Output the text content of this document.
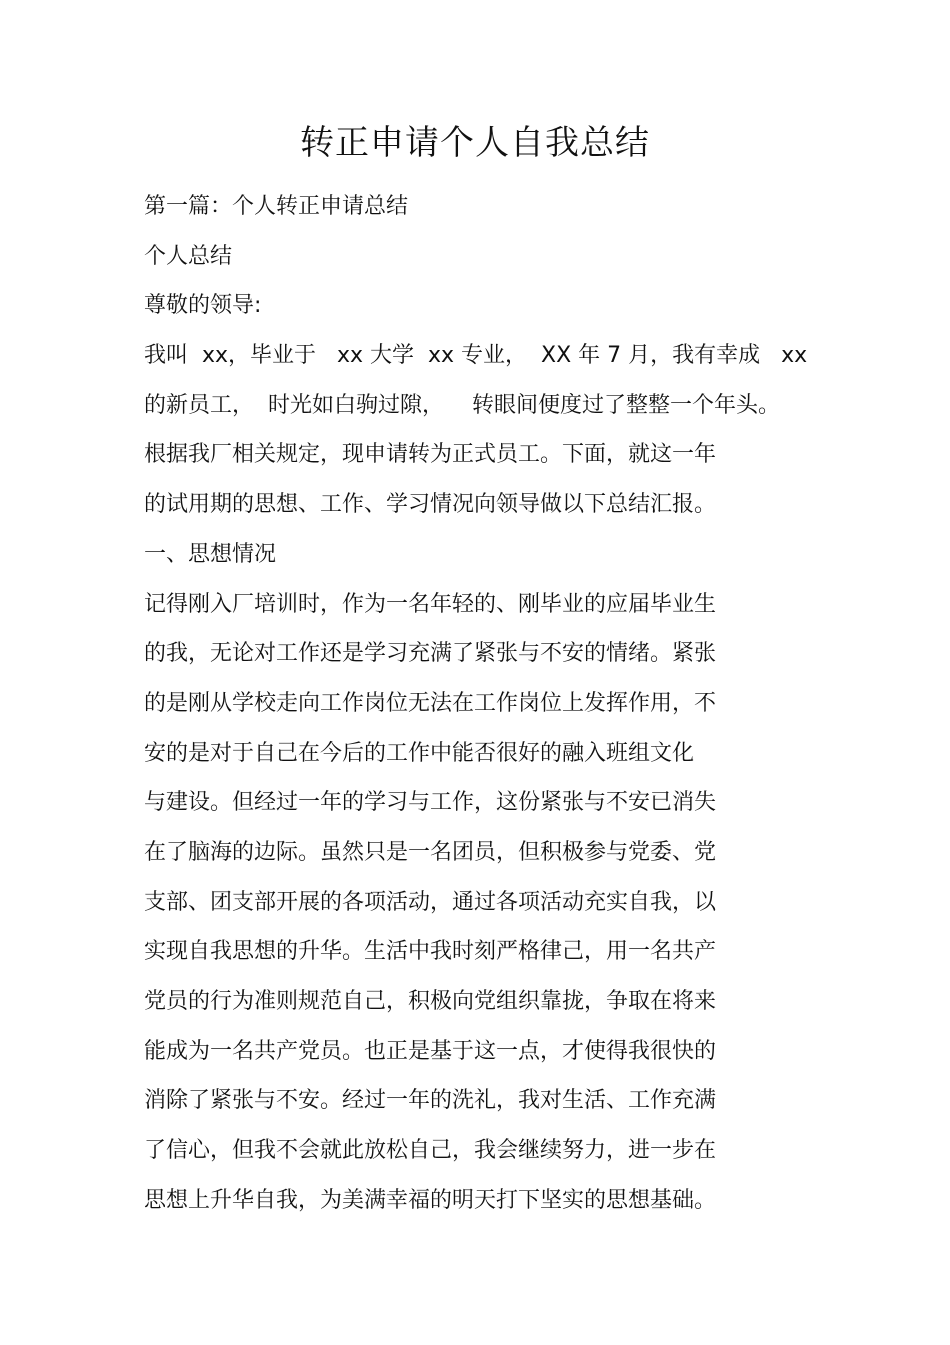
转正申请个人自我总结
第一篇：个人转正申请总结
个人总结
尊敬的领导:
我叫  xx，毕业于   xx 大学  xx 专业，  XX 年 7 月，我有幸成   xx
的新员工，  时光如白驹过隙，    转眼间便度过了整整一个年头。
根据我厂相关规定，现申请转为正式员工。下面，就这一年
的试用期的思想、工作、学习情况向领导做以下总结汇报。
一、思想情况
记得刚入厂培训时，作为一名年轻的、刚毕业的应届毕业生
的我，无论对工作还是学习充满了紧张与不安的情绪。紧张
的是刚从学校走向工作岗位无法在工作岗位上发挥作用，不
安的是对于自己在今后的工作中能否很好的融入班组文化
与建设。但经过一年的学习与工作，这份紧张与不安已消失
在了脑海的边际。虽然只是一名团员，但积极参与党委、党
支部、团支部开展的各项活动，通过各项活动充实自我，以
实现自我思想的升华。生活中我时刻严格律己，用一名共产
党员的行为准则规范自己，积极向党组织靠拢，争取在将来
能成为一名共产党员。也正是基于这一点，才使得我很快的
消除了紧张与不安。经过一年的洗礼，我对生活、工作充满
了信心，但我不会就此放松自己，我会继续努力，进一步在
思想上升华自我，为美满幸福的明天打下坚实的思想基础。
